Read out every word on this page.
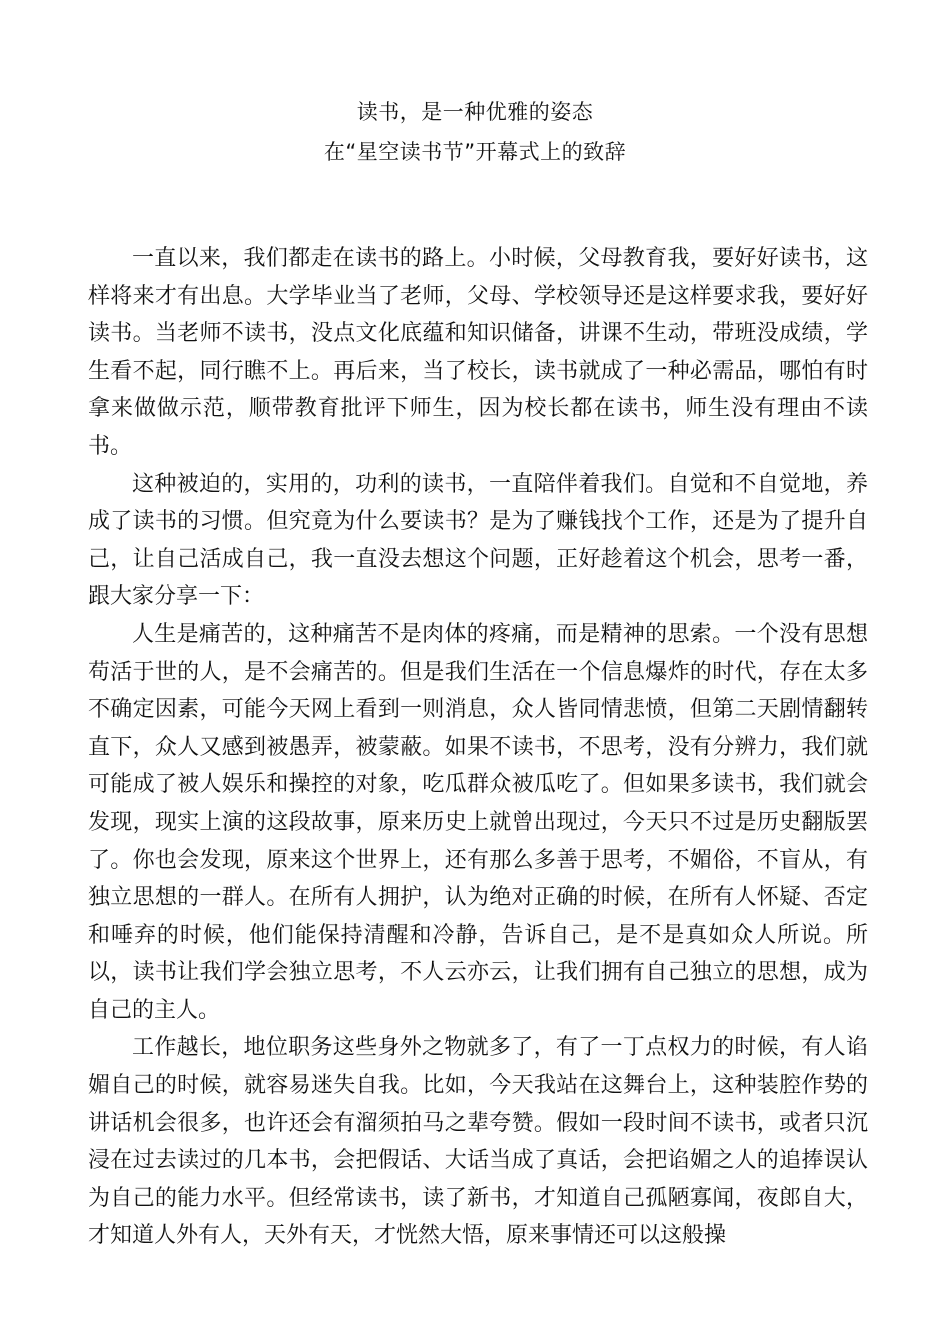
读书，是一种优雅的姿态
在“星空读书节”开幕式上的致辞

一直以来，我们都走在读书的路上。小时候，父母教育我，要好好读书，这样将来才有出息。大学毕业当了老师，父母、学校领导还是这样要求我，要好好读书。当老师不读书，没点文化底蕴和知识储备，讲课不生动，带班没成绩，学生看不起，同行瞧不上。再后来，当了校长，读书就成了一种必需品，哪怕有时拿来做做示范，顺带教育批评下师生，因为校长都在读书，师生没有理由不读书。

这种被迫的，实用的，功利的读书，一直陪伴着我们。自觉和不自觉地，养成了读书的习惯。但究竟为什么要读书？是为了赚钱找个工作，还是为了提升自己，让自己活成自己，我一直没去想这个问题，正好趁着这个机会，思考一番，跟大家分享一下：

人生是痛苦的，这种痛苦不是肉体的疼痛，而是精神的思索。一个没有思想苟活于世的人，是不会痛苦的。但是我们生活在一个信息爆炸的时代，存在太多不确定因素，可能今天网上看到一则消息，众人皆同情悲愤，但第二天剧情翻转直下，众人又感到被愚弄，被蒙蔽。如果不读书，不思考，没有分辨力，我们就可能成了被人娱乐和操控的对象，吃瓜群众被瓜吃了。但如果多读书，我们就会发现，现实上演的这段故事，原来历史上就曾出现过，今天只不过是历史翻版罢了。你也会发现，原来这个世界上，还有那么多善于思考，不媚俗，不盲从，有独立思想的一群人。在所有人拥护，认为绝对正确的时候，在所有人怀疑、否定和唾弃的时候，他们能保持清醒和冷静，告诉自己，是不是真如众人所说。所以，读书让我们学会独立思考，不人云亦云，让我们拥有自己独立的思想，成为自己的主人。

工作越长，地位职务这些身外之物就多了，有了一丁点权力的时候，有人谄媚自己的时候，就容易迷失自我。比如，今天我站在这舞台上，这种装腔作势的讲话机会很多，也许还会有溜须拍马之辈夸赞。假如一段时间不读书，或者只沉浸在过去读过的几本书，会把假话、大话当成了真话，会把谄媚之人的追捧误认为自己的能力水平。但经常读书，读了新书，才知道自己孤陋寡闻，夜郎自大，才知道人外有人，天外有天，才恍然大悟，原来事情还可以这般操
